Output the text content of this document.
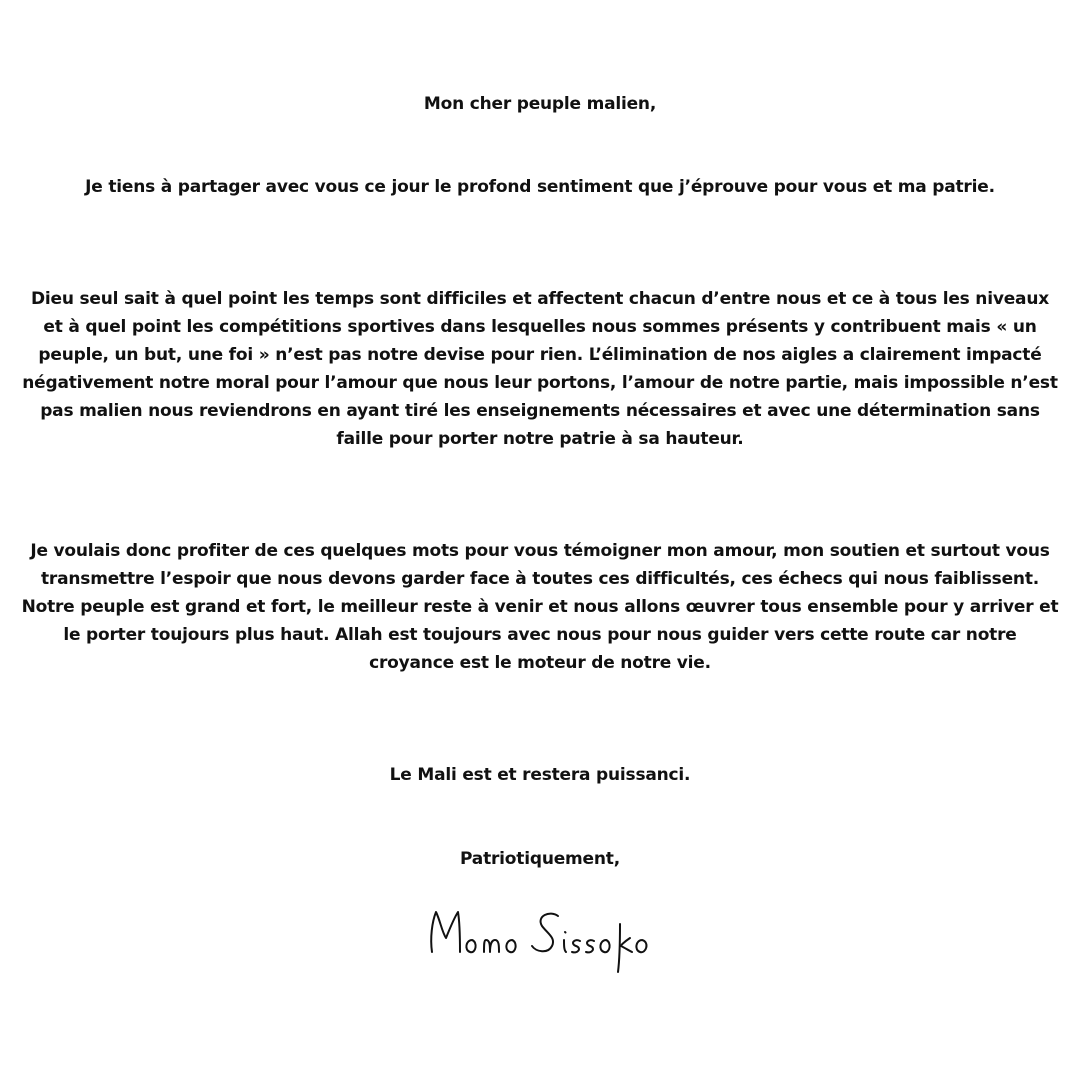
Mon cher peuple malien,

Je tiens à partager avec vous ce jour le profond sentiment que j’éprouve pour vous et ma patrie.

Dieu seul sait à quel point les temps sont difficiles et affectent chacun d’entre nous et ce à tous les niveaux et à quel point les compétitions sportives dans lesquelles nous sommes présents y contribuent mais « un peuple, un but, une foi » n’est pas notre devise pour rien. L’élimination de nos aigles a clairement impacté négativement notre moral pour l’amour que nous leur portons, l’amour de notre partie, mais impossible n’est pas malien nous reviendrons en ayant tiré les enseignements nécessaires et avec une détermination sans faille pour porter notre patrie à sa hauteur.

Je voulais donc profiter de ces quelques mots pour vous témoigner mon amour, mon soutien et surtout vous transmettre l’espoir que nous devons garder face à toutes ces difficultés, ces échecs qui nous faiblissent. Notre peuple est grand et fort, le meilleur reste à venir et nous allons œuvrer tous ensemble pour y arriver et le porter toujours plus haut. Allah est toujours avec nous pour nous guider vers cette route car notre croyance est le moteur de notre vie.

Le Mali est et restera puissanci.

Patriotiquement,
